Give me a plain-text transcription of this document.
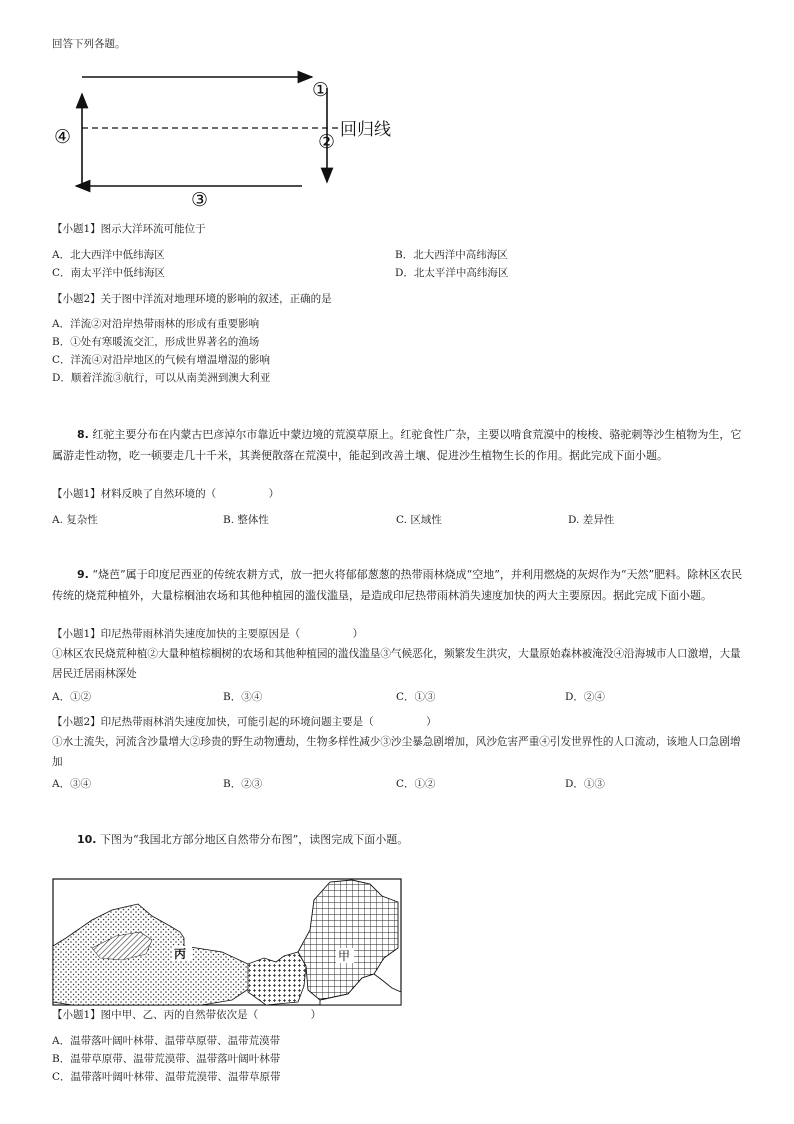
回答下列各题。
①
②
③
④	回归线
【小题1】图示大洋环流可能位于
A．北大西洋中低纬海区	B．北大西洋中高纬海区
C．南太平洋中低纬海区	D．北太平洋中高纬海区
【小题2】关于图中洋流对地理环境的影响的叙述，正确的是
A．洋流②对沿岸热带雨林的形成有重要影响
B．①处有寒暖流交汇，形成世界著名的渔场
C．洋流④对沿岸地区的气候有增温增湿的影响
D．顺着洋流③航行，可以从南美洲到澳大利亚
8. 红驼主要分布在内蒙古巴彦淖尔市靠近中蒙边境的荒漠草原上。红驼食性广杂，主要以啃食荒漠中的梭梭、骆驼刺等沙生植物为生，它属游走性动物，吃一顿要走几十千米，其粪便散落在荒漠中，能起到改善土壤、促进沙生植物生长的作用。据此完成下面小题。
【小题1】材料反映了自然环境的（　　　　　）
A. 复杂性	B. 整体性	C. 区域性	D. 差异性
9. “烧芭”属于印度尼西亚的传统农耕方式，放一把火将郁郁葱葱的热带雨林烧成“空地”，并利用燃烧的灰烬作为“天然”肥料。除林区农民传统的烧荒种植外，大量棕榈油农场和其他种植园的滥伐滥垦，是造成印尼热带雨林消失速度加快的两大主要原因。据此完成下面小题。
【小题1】印尼热带雨林消失速度加快的主要原因是（　　　　　）
①林区农民烧荒种植②大量种植棕榈树的农场和其他种植园的滥伐滥垦③气候恶化，频繁发生洪灾，大量原始森林被淹没④沿海城市人口激增，大量居民迁居雨林深处
A．①②	B．③④	C．①③	D．②④
【小题2】印尼热带雨林消失速度加快，可能引起的环境问题主要是（　　　　　）
①水土流失，河流含沙量增大②珍贵的野生动物遭劫，生物多样性减少③沙尘暴急剧增加，风沙危害严重④引发世界性的人口流动，该地人口急剧增加
A．③④	B．②③	C．①②	D．①③
10. 下图为“我国北方部分地区自然带分布图”，读图完成下面小题。
丙	甲
【小题1】图中甲、乙、丙的自然带依次是（　　　　　）
A．温带落叶阔叶林带、温带草原带、温带荒漠带
B．温带草原带、温带荒漠带、温带落叶阔叶林带
C．温带落叶阔叶林带、温带荒漠带、温带草原带
